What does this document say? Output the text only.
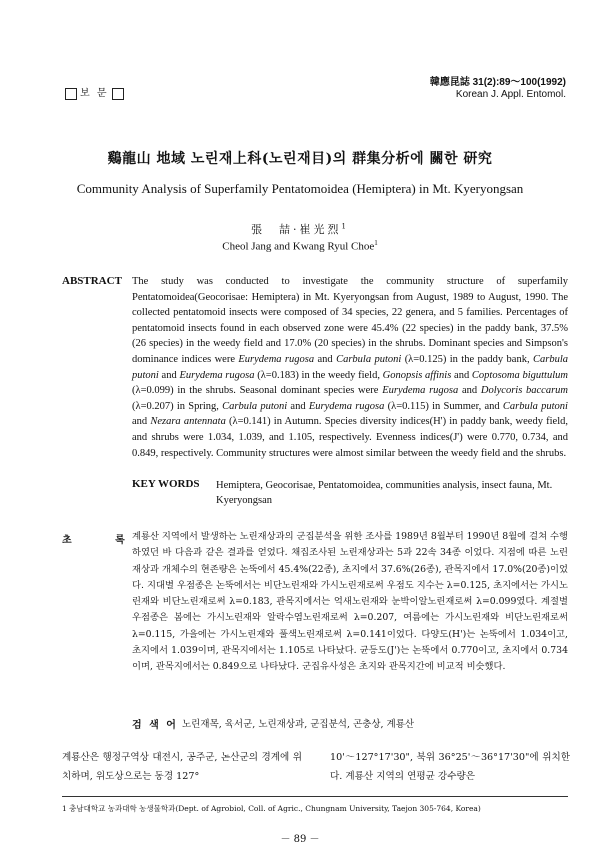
보 문
韓應昆誌 31(2):89～100(1992)
Korean J. Appl. Entomol.
鷄龍山 地域 노린재上科(노린재目)의 群集分析에 關한 研究
Community Analysis of Superfamily Pentatomoidea (Hemiptera) in Mt. Kyeryongsan
張　喆·崔光烈$^1$
Cheol Jang and Kwang Ryul Choe$^1$
ABSTRACT The study was conducted to investigate the community structure of superfamily Pentatomoidea(Geocorisae: Hemiptera) in Mt. Kyeryongsan from August, 1989 to August, 1990. The collected pentatomoid insects were composed of 34 species, 22 genera, and 5 families. Percentages of pentatomoid insects found in each observed zone were 45.4% (22 species) in the paddy bank, 37.5% (26 species) in the weedy field and 17.0% (20 species) in the shrubs. Dominant species and Simpson's dominance indices were Eurydema rugosa and Carbula putoni (λ=0.125) in the paddy bank, Carbula putoni and Eurydema rugosa (λ=0.183) in the weedy field, Gonopsis affinis and Coptosoma biguttulum (λ=0.099) in the shrubs. Seasonal dominant species were Eurydema rugosa and Dolycoris baccarum (λ=0.207) in Spring, Carbula putoni and Eurydema rugosa (λ=0.115) in Summer, and Carbula putoni and Nezara antennata (λ=0.141) in Autumn. Species diversity indices(H') in paddy bank, weedy field, and shrubs were 1.034, 1.039, and 1.105, respectively. Evenness indices(J') were 0.770, 0.734, and 0.849, respectively. Community structures were almost similar between the weedy field and the shrubs.
KEY WORDS Hemiptera, Geocorisae, Pentatomoidea, communities analysis, insect fauna, Mt. Kyeryongsan
초 록
계룡산 지역에서 발생하는 노린재상과의 군집분석을 위한 조사를 1989년 8월부터 1990년 8월에 걸쳐 수행하였던 바 다음과 같은 결과를 얻었다. 채집조사된 노린재상과는 5과 22속 34종 이었다. 지점에 따른 노린재상과 개체수의 현존량은 논뚝에서 45.4%(22종), 초지에서 37.6%(26종), 관목지에서 17.0%(20종)이었다. 지대별 우점종은 논뚝에서는 비단노린재와 가시노린재로써 우점도 지수는 λ=0.125, 초지에서는 가시노린재와 비단노린재로써 λ=0.183, 관목지에서는 억새노린재와 눈박이알노린재로써 λ=0.099였다. 계절별 우점종은 봄에는 가시노린재와 알락수염노린재로써 λ=0.207, 여름에는 가시노린재와 비단노린재로써 λ=0.115, 가을에는 가시노린재와 풀색노린재로써 λ=0.141이었다. 다양도(H')는 논뚝에서 1.034이고, 초지에서 1.039이며, 관목지에서는 1.105로 나타났다. 균등도(J')는 논뚝에서 0.770이고, 초지에서 0.734이며, 관목지에서는 0.849으로 나타났다. 군집유사성은 초지와 관목지간에 비교적 비슷했다.
검 색 어 노린재목, 육서군, 노린재상과, 군집분석, 곤충상, 계룡산
계룡산은 행정구역상 대전시, 공주군, 논산군의 경계에 위치하며, 위도상으로는 동경 127°
10'～127°17'30", 북위 36°25'～36°17'30"에 위치한다. 계룡산 지역의 연평균 강수량은
1 충남대학교 농과대학 농생물학과(Dept. of Agrobiol, Coll. of Agric., Chungnam University, Taejon 305-764, Korea)
－ 89 －
